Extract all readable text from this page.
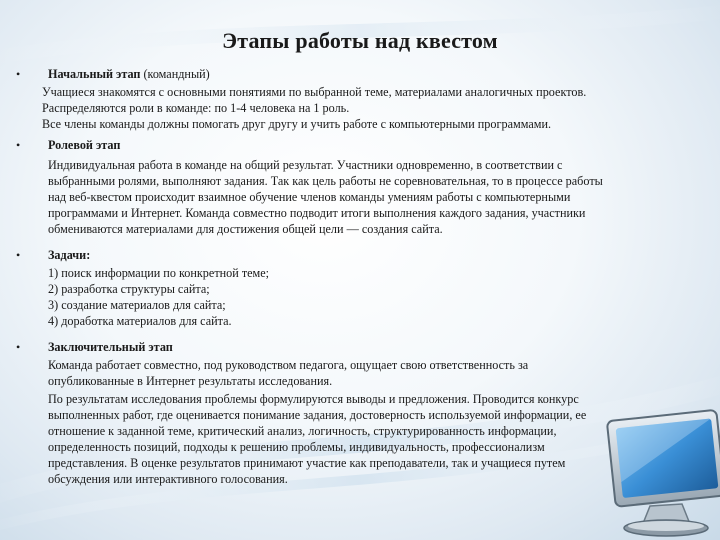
Этапы работы над квестом
• Начальный этап (командный)
Учащиеся знакомятся с основными понятиями по выбранной теме, материалами аналогичных проектов.
Распределяются роли в команде: по 1-4 человека на 1 роль.
Все члены команды должны помогать друг другу и учить работе с компьютерными программами.
• Ролевой этап
Индивидуальная работа в команде на общий результат. Участники одновременно, в соответствии с
выбранными ролями, выполняют задания. Так как цель работы не соревновательная, то в процессе работы
над веб-квестом происходит взаимное обучение членов команды умениям работы с компьютерными
программами и Интернет. Команда совместно подводит итоги выполнения каждого задания, участники
обмениваются материалами для достижения общей цели — создания сайта.
• Задачи:
1) поиск информации по конкретной теме;
2) разработка структуры сайта;
3) создание материалов для сайта;
4) доработка материалов для сайта.
• Заключительный этап
Команда работает совместно, под руководством педагога, ощущает свою ответственность за
опубликованные в Интернет результаты исследования.
По результатам исследования проблемы формулируются выводы и предложения. Проводится конкурс
выполненных работ, где оценивается понимание задания, достоверность используемой информации, ее
отношение к заданной теме, критический анализ, логичность, структурированность информации,
определенность позиций, подходы к решению проблемы, индивидуальность, профессионализм
представления. В оценке результатов принимают участие как преподаватели, так и учащиеся путем
обсуждения или интерактивного голосования.
